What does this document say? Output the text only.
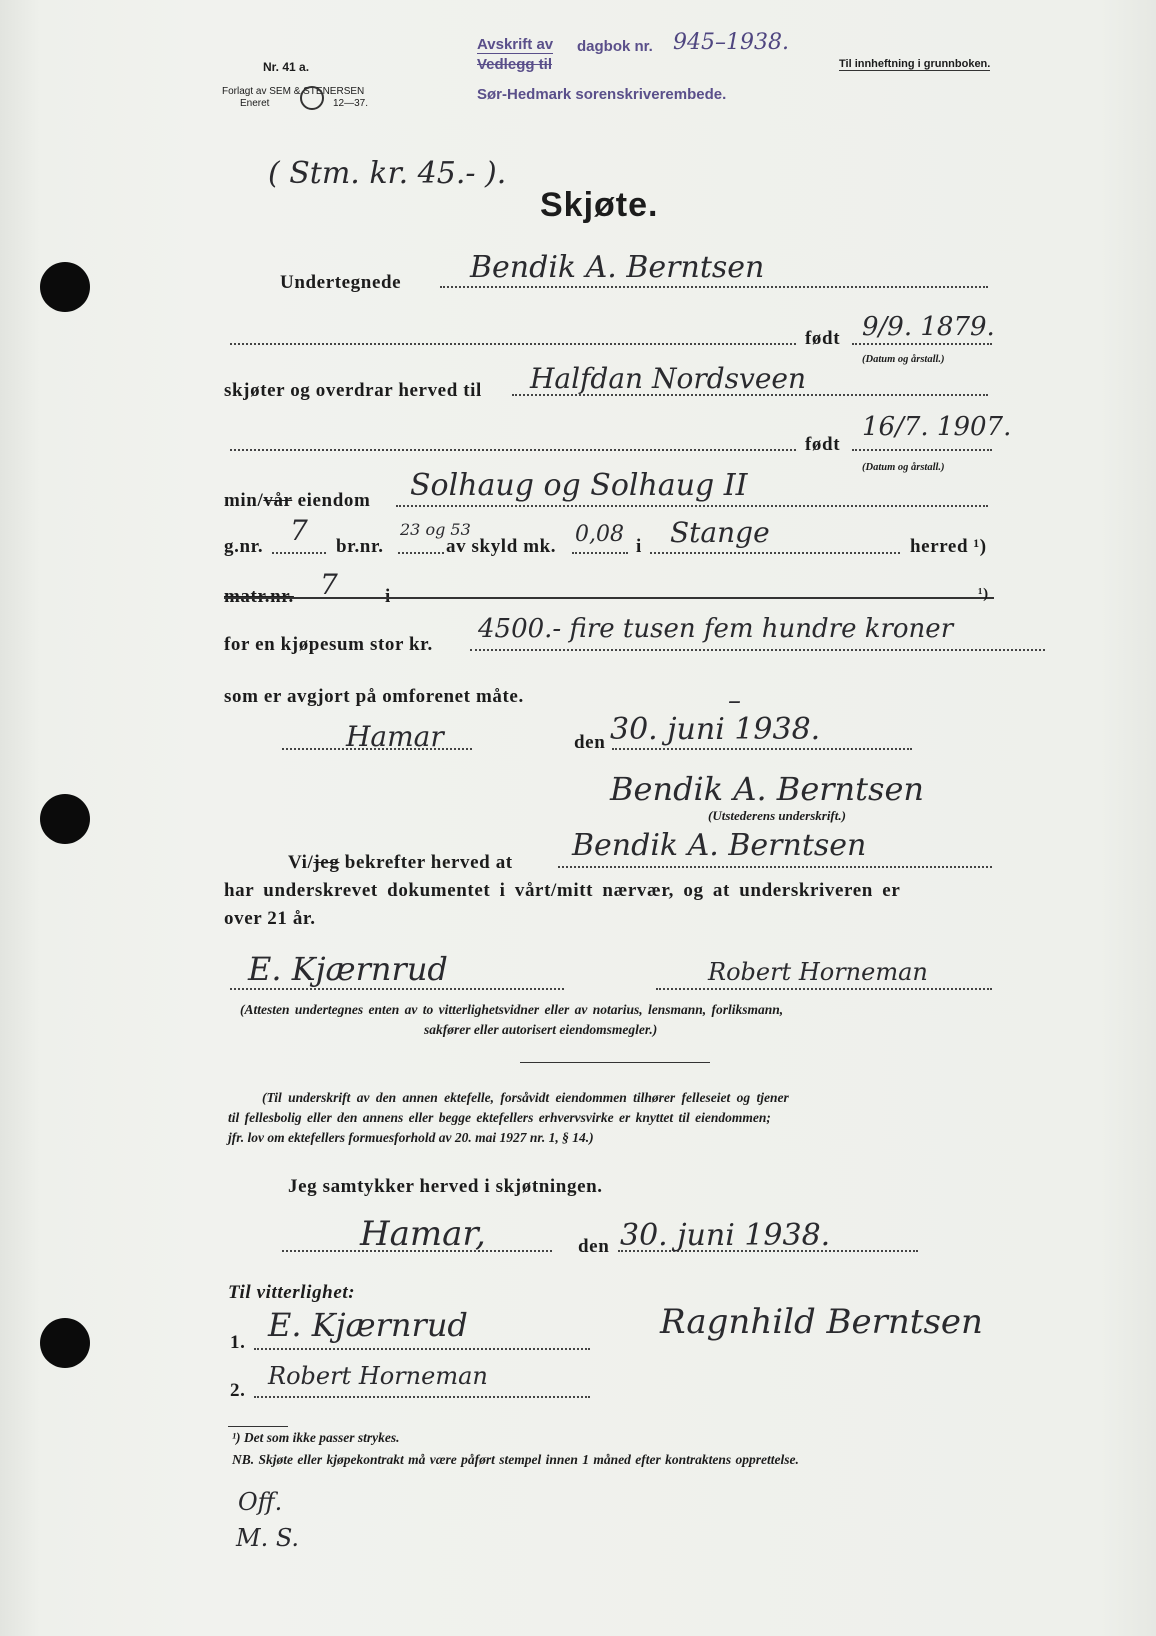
Nr. 41 a.
Forlagt av SEM & STENERSEN
Eneret	12—37.
Avskrift av
Vedlegg til
dagbok nr. 945–1938.
Sør-Hedmark sorenskriverembede.
Til innheftning i grunnboken.
( Stm. kr. 45.- ).
Skjøte.
Undertegnede Bendik A. Berntsen
født 9/9. 1879.
(Datum og årstall.)
skjøter og overdrar herved til Halfdan Nordsveen
født
16/7. 1907.
(Datum og årstall.)
min/vår eiendom Solhaug og Solhaug II
g.nr. 7 br.nr.
23 og 53
av skyld mk. 0,08 i Stange	herred ¹)
matr.nr. 7 i	¹)
for en kjøpesum stor kr.
4500.- fire tusen fem hundre kroner
som er avgjort på omforenet måte.	–
Hamar	den 30. juni 1938.
Bendik A. Berntsen
(Utstederens underskrift.)
Vi/jeg bekrefter herved at Bendik A. Berntsen
har underskrevet dokumentet i vårt/mitt nærvær, og at underskriveren er
over 21 år.
E. Kjærnrud	Robert Horneman
(Attesten undertegnes enten av to vitterlighetsvidner eller av notarius, lensmann, forliksmann,
sakfører eller autorisert eiendomsmegler.)
(Til underskrift av den annen ektefelle, forsåvidt eiendommen tilhører felleseiet og tjener
til fellesbolig eller den annens eller begge ektefellers erhvervsvirke er knyttet til eiendommen;
jfr. lov om ektefellers formuesforhold av 20. mai 1927 nr. 1, § 14.)
Jeg samtykker herved i skjøtningen.
Hamar,	den 30. juni 1938.
Til vitterlighet:
1. E. Kjærnrud
2.
Robert Horneman
Ragnhild Berntsen
¹) Det som ikke passer strykes.
NB. Skjøte eller kjøpekontrakt må være påført stempel innen 1 måned efter kontraktens opprettelse.
Off.
M. S.
